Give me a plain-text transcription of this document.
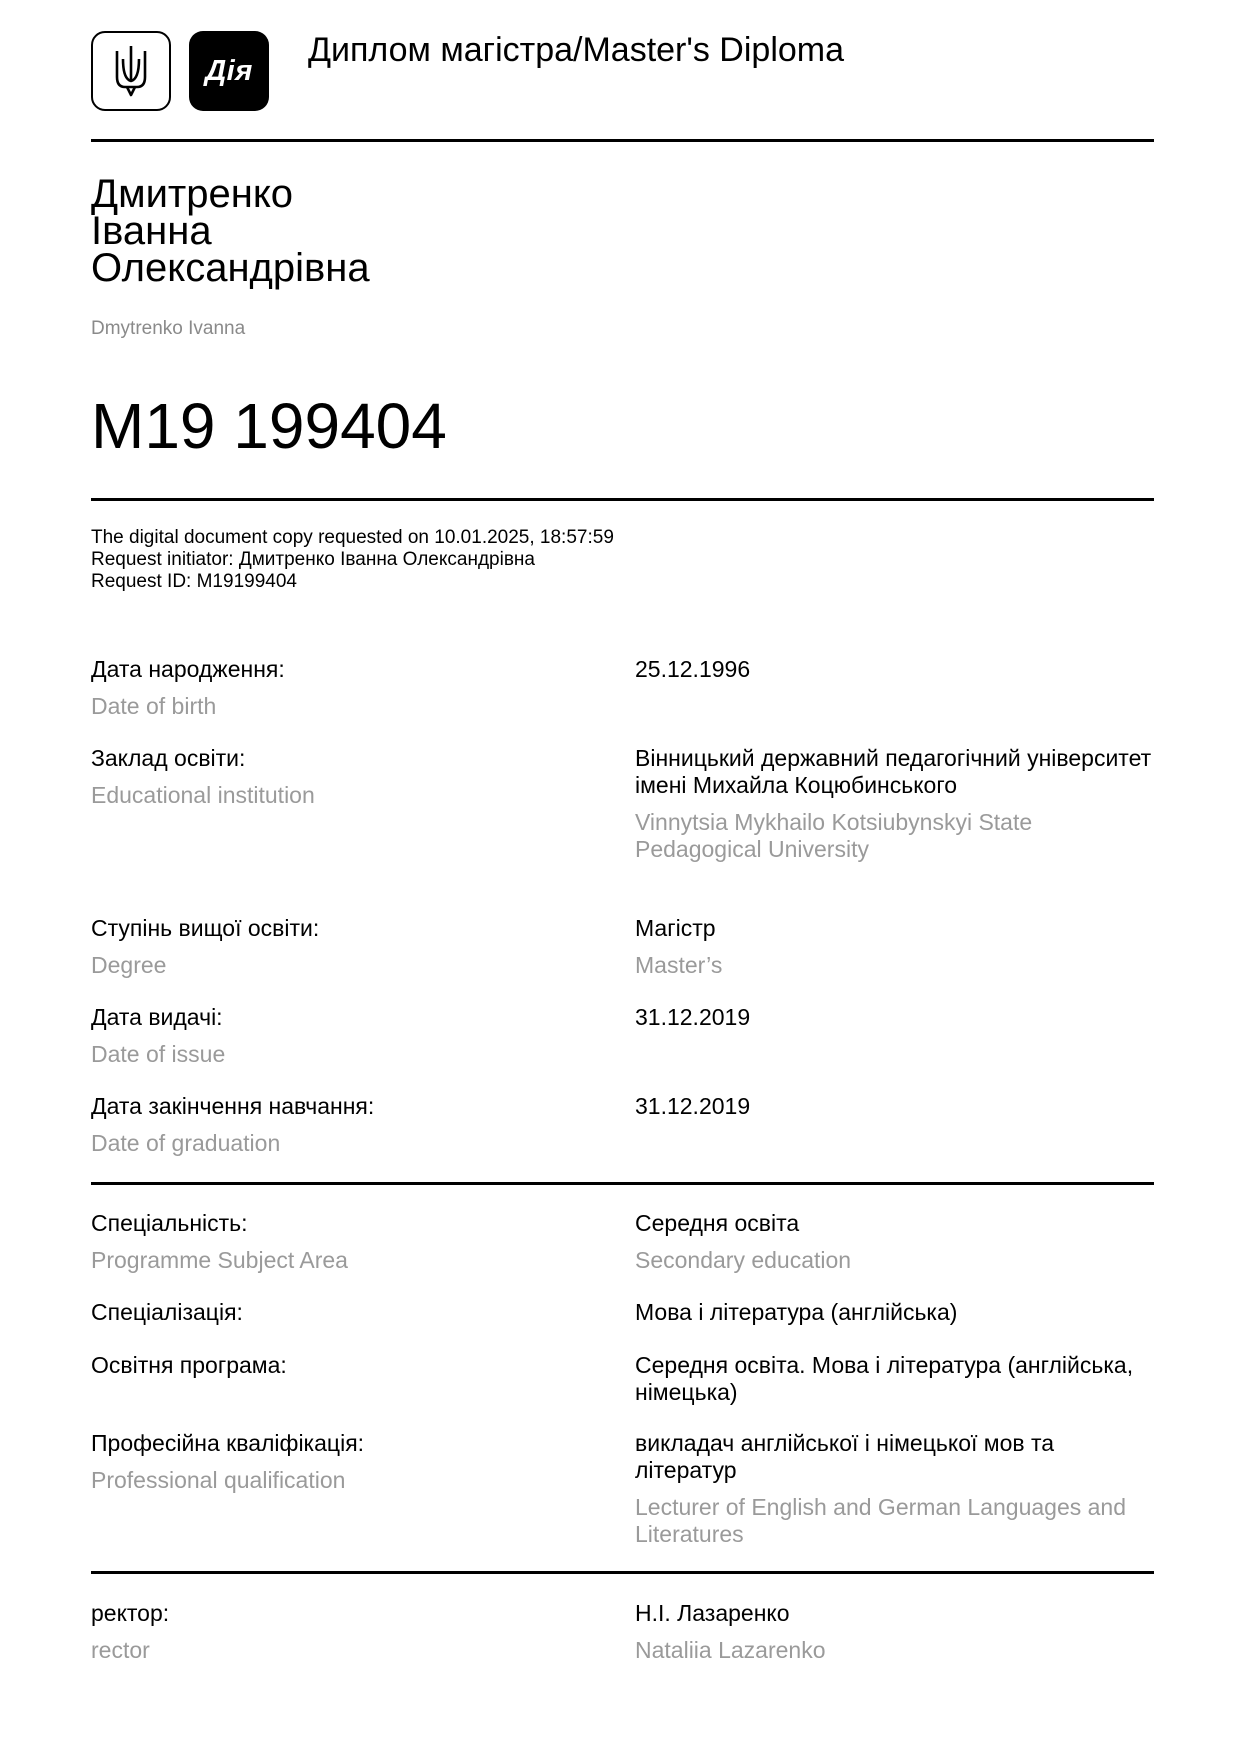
Дія
Диплом магістра/Master's Diploma
Дмитренко
Іванна
Олександрівна
Dmytrenko Ivanna
M19 199404
The digital document copy requested on 10.01.2025, 18:57:59
Request initiator: Дмитренко Іванна Олександрівна
Request ID: M19199404
Дата народження:
Date of birth
25.12.1996
Заклад освіти:
Educational institution
Вінницький державний педагогічний університет імені Михайла Коцюбинського
Vinnytsia Mykhailo Kotsiubynskyi State Pedagogical University
Ступінь вищої освіти:
Degree
Магістр
Master’s
Дата видачі:
Date of issue
31.12.2019
Дата закінчення навчання:
Date of graduation
31.12.2019
Спеціальність:
Programme Subject Area
Середня освіта
Secondary education
Спеціалізація:	Мова і література (англійська)
Освітня програма:	Середня освіта. Мова і література (англійська, німецька)
Професійна кваліфікація:
Professional qualification
викладач англійської і німецької мов та літератур
Lecturer of English and German Languages and Literatures
ректор:
rector
Н.І. Лазаренко
Nataliia Lazarenko
